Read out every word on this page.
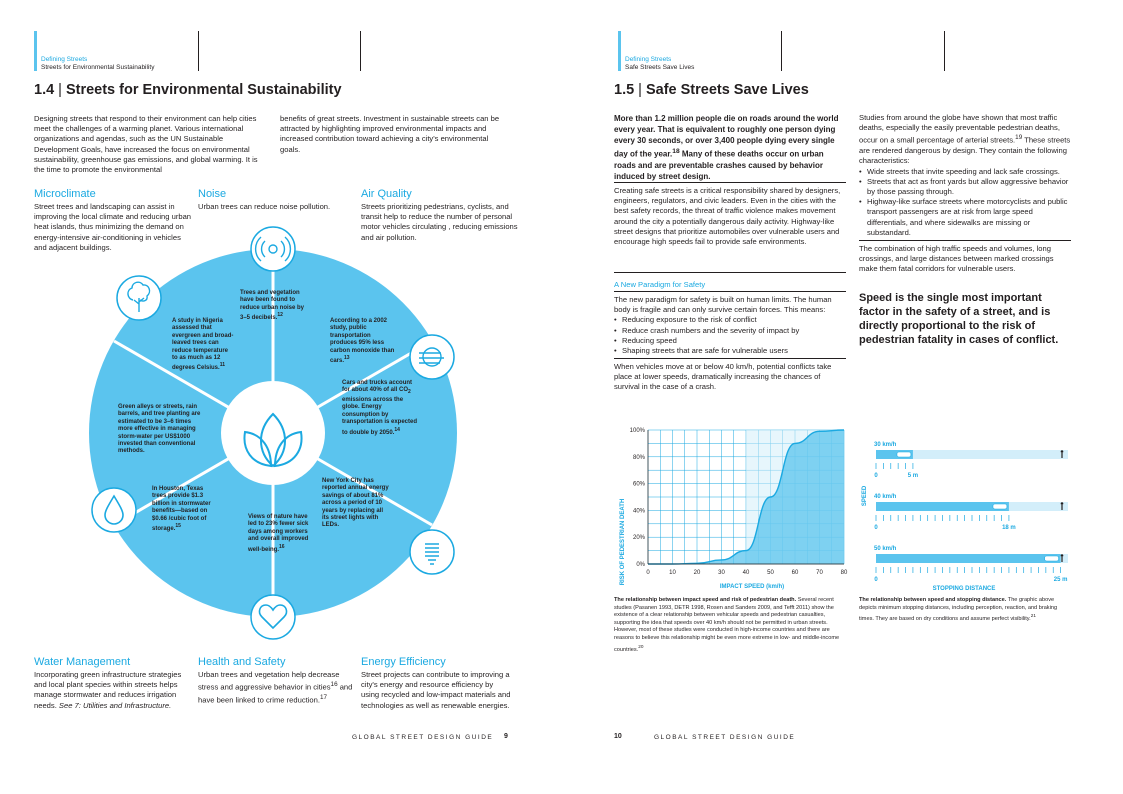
Defining Streets
Streets for Environmental Sustainability
1.4 | Streets for Environmental Sustainability
Designing streets that respond to their environment can help cities meet the challenges of a warming planet. Various international organizations and agendas, such as the UN Sustainable Development Goals, have increased the focus on environmental sustainability, greenhouse gas emissions, and global warming. It is the time to promote the environmental
benefits of great streets. Investment in sustainable streets can be attracted by highlighting improved environmental impacts and increased contribution toward achieving a city's environmental goals.
Microclimate
Street trees and landscaping can assist in improving the local climate and reducing urban heat islands, thus minimizing the demand on energy-intensive air-conditioning in vehicles and adjacent buildings.
Noise
Urban trees can reduce noise pollution.
Air Quality
Streets prioritizing pedestrians, cyclists, and transit help to reduce the number of personal motor vehicles circulating , reducing emissions and air pollution.
A study in Nigeria assessed that evergreen and broad-leaved trees can reduce temperature to as much as 12 degrees Celsius.$^{11}$
Trees and vegetation have been found to reduce urban noise by 3–5 decibels.$^{12}$
According to a 2002 study, public transportation produces 95% less carbon monoxide than cars.$^{13}$
Cars and trucks account for about 40% of all $CO_2$ emissions across the globe. Energy consumption by transportation is expected to double by 2050.14
Green alleys or streets, rain barrels, and tree planting are estimated to be 3–6 times more effective in managing storm-water per US$1000 invested than conventional methods.
In Houston, Texas trees provide $1.3 billion in stormwater benefits—based on $0.66 /cubic foot of storage.$^{15}$
Views of nature have led to 23% fewer sick days among workers and overall improved well-being.$^{16}$
New York City has reported annual energy savings of about 81% across a period of 10 years by replacing all its street lights with LEDs.
Water Management
Incorporating green infrastructure strategies and local plant species within streets helps manage stormwater and reduces irrigation needs. See 7: Utilities and Infrastructure.
Health and Safety
Urban trees and vegetation help decrease stress and aggressive behavior in cities$^{16}$ and have been linked to crime reduction.$^{17}$
Energy Efficiency
Street projects can contribute to improving a city's energy and resource efficiency by using recycled and low-impact materials and technologies as well as renewable energies.
GLOBAL STREET DESIGN GUIDE 9
Defining Streets
Safe Streets Save Lives
1.5 | Safe Streets Save Lives
More than 1.2 million people die on roads around the world every year. That is equivalent to roughly one person dying every 30 seconds, or over 3,400 people dying every single day of the year.$^{18}$ Many of these deaths occur on urban roads and are preventable crashes caused by behavior induced by street design.
Creating safe streets is a critical responsibility shared by designers, engineers, regulators, and civic leaders. Even in the cities with the best safety records, the threat of traffic violence makes movement around the city a potentially dangerous daily activity. Highway-like street designs that prioritize automobiles over vulnerable users and encourage high speeds fail to provide safe environments.
A New Paradigm for Safety
The new paradigm for safety is built on human limits. The human body is fragile and can only survive certain forces. This means:
• Reducing exposure to the risk of conflict
• Reduce crash numbers and the severity of impact by
• Reducing speed
• Shaping streets that are safe for vulnerable users
When vehicles move at or below 40 km/h, potential conflicts take place at lower speeds, dramatically increasing the chances of survival in the case of a crash.
Studies from around the globe have shown that most traffic deaths, especially the easily preventable pedestrian deaths, occur on a small percentage of arterial streets.$^{19}$ These streets are rendered dangerous by design. They contain the following characteristics:
• Wide streets that invite speeding and lack safe crossings.
• Streets that act as front yards but allow aggressive behavior by those passing through.
• Highway-like surface streets where motorcyclists and public transport passengers are at risk from large speed differentials, and where sidewalks are missing or substandard.
The combination of high traffic speeds and volumes, long crossings, and large distances between marked crossings make them fatal corridors for vulnerable users.
Speed is the single most important factor in the safety of a street, and is directly proportional to the risk of pedestrian fatality in cases of conflict.
RISK OF PEDESTRIAN DEATH	0	10	20	30	40	50	60	70	80
0%
20%
40%
60%
80%
100%
IMPACT SPEED (km/h)
SPEED
30 km/h
0	5 m
40 km/h
0	18 m
50 km/h
0	25 m
STOPPING DISTANCE
The relationship between impact speed and risk of pedestrian death. Several recent studies (Pasanen 1993, DETR 1998, Rosen and Sanders 2009, and Tefft 2011) show the existence of a clear relationship between vehicular speeds and pedestrian casualties, supporting the idea that speeds over 40 km/h should not be permitted in urban streets. However, most of these studies were conducted in high-income countries and there are reasons to believe this relationship might be even more extreme in low- and middle-income countries.$^{20}$
The relationship between speed and stopping distance. The graphic above depicts minimum stopping distances, including perception, reaction, and braking times. They are based on dry conditions and assume perfect visibility.$^{21}$
10	GLOBAL STREET DESIGN GUIDE
